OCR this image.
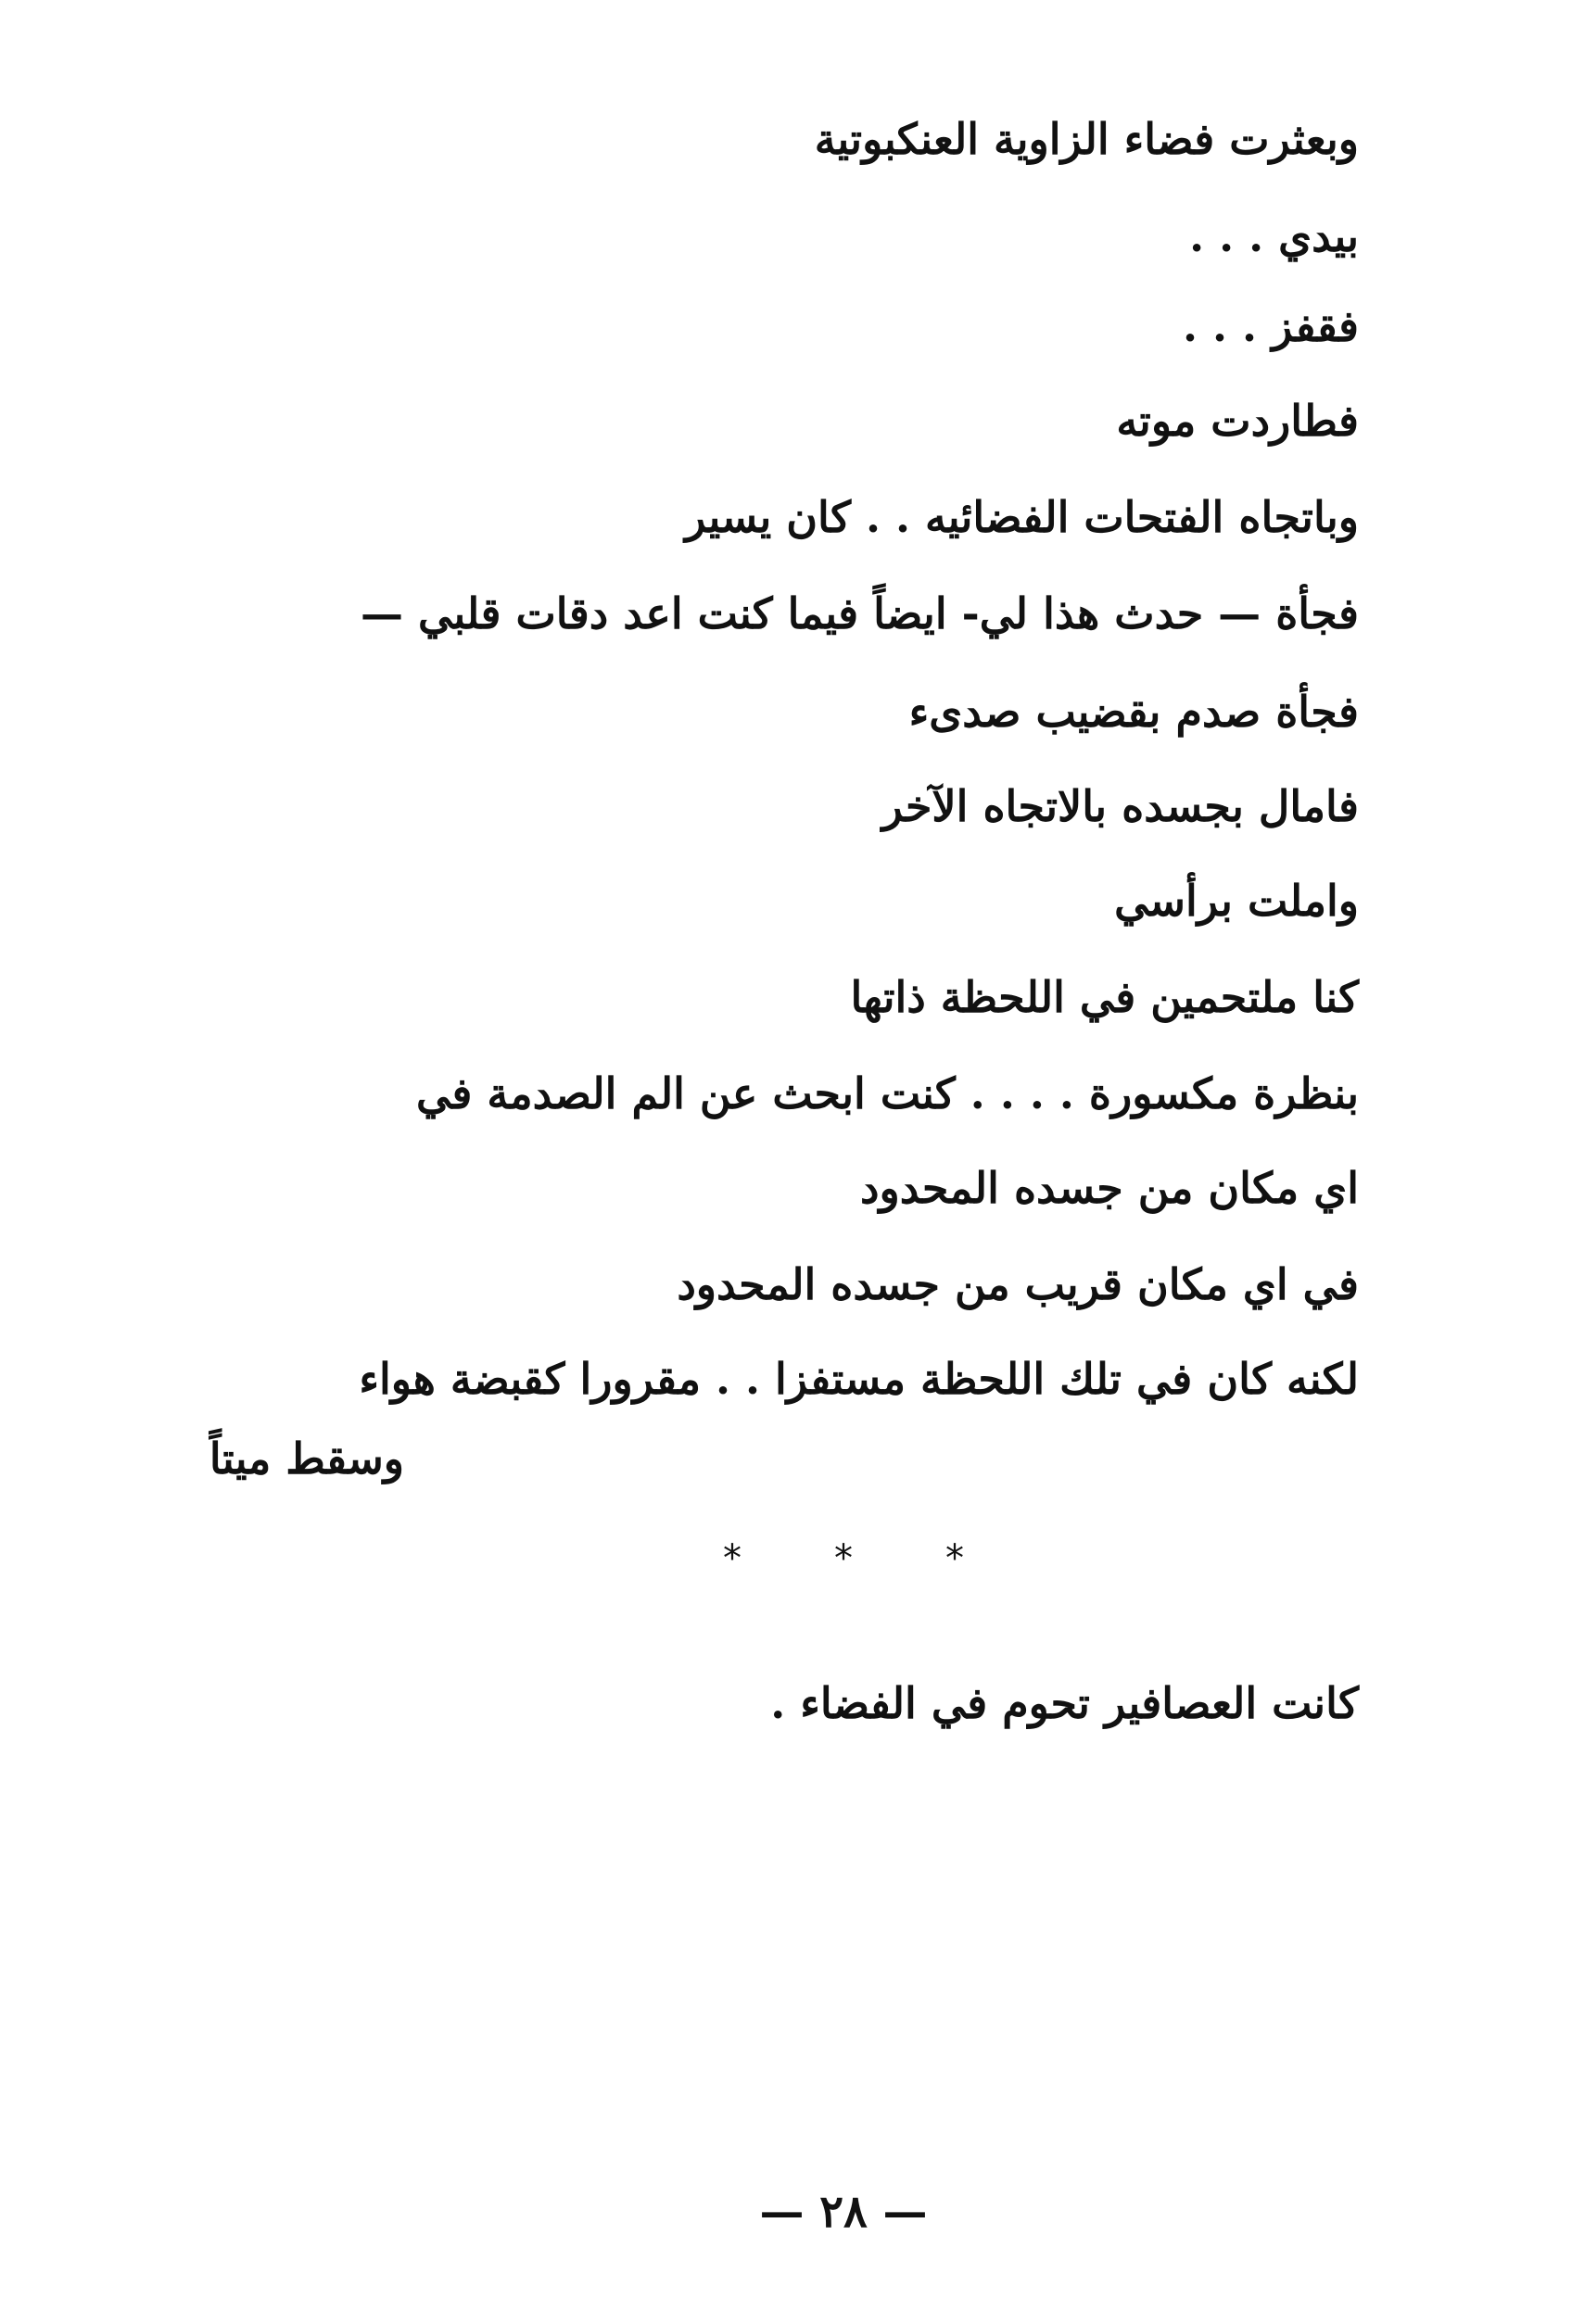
وبعثرت فضاء الزاوية العنكبوتية
بيدي . . .
فقفز . . .
فطاردت موته
وباتجاه الفتحات الفضائيه . . كان يسير
فجأة — حدث هذا لي- ايضاً فيما كنت اعد دقات قلبي —
فجأة صدم بقضيب صدىء
فامال بجسده بالاتجاه الآخر
واملت برأسي
كنا ملتحمين في اللحظة ذاتها
بنظرة مكسورة . . . . كنت ابحث عن الم الصدمة في
اي مكان من جسده المحدود
في اي مكان قريب من جسده المحدود
لكنه كان في تلك اللحظة مستفزا . . مقرورا كقبضة هواء
وسقط ميتاً
*	*	*
كانت العصافير تحوم في الفضاء .
— ٢٨ —
